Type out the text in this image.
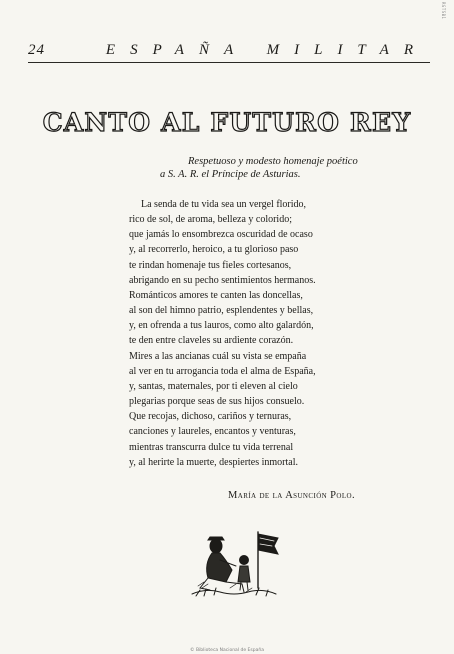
RGTSB1
24	ESPAÑA MILITAR
CANTO AL FUTURO REY
Respetuoso y modesto homenaje poético
a S. A. R. el Príncipe de Asturias.
La senda de tu vida sea un vergel florido,
rico de sol, de aroma, belleza y colorido;
que jamás lo ensombrezca oscuridad de ocaso
y, al recorrerlo, heroico, a tu glorioso paso
te rindan homenaje tus fieles cortesanos,
abrigando en su pecho sentimientos hermanos.
Románticos amores te canten las doncellas,
al son del himno patrio, esplendentes y bellas,
y, en ofrenda a tus lauros, como alto galardón,
te den entre claveles su ardiente corazón.
Mires a las ancianas cuál su vista se empaña
al ver en tu arrogancia toda el alma de España,
y, santas, maternales, por ti eleven al cielo
plegarias porque seas de sus hijos consuelo.
Que recojas, dichoso, cariños y ternuras,
canciones y laureles, encantos y venturas,
mientras transcurra dulce tu vida terrenal
y, al herirte la muerte, despiertes inmortal.
María de la Asunción Polo.
© Biblioteca Nacional de España
